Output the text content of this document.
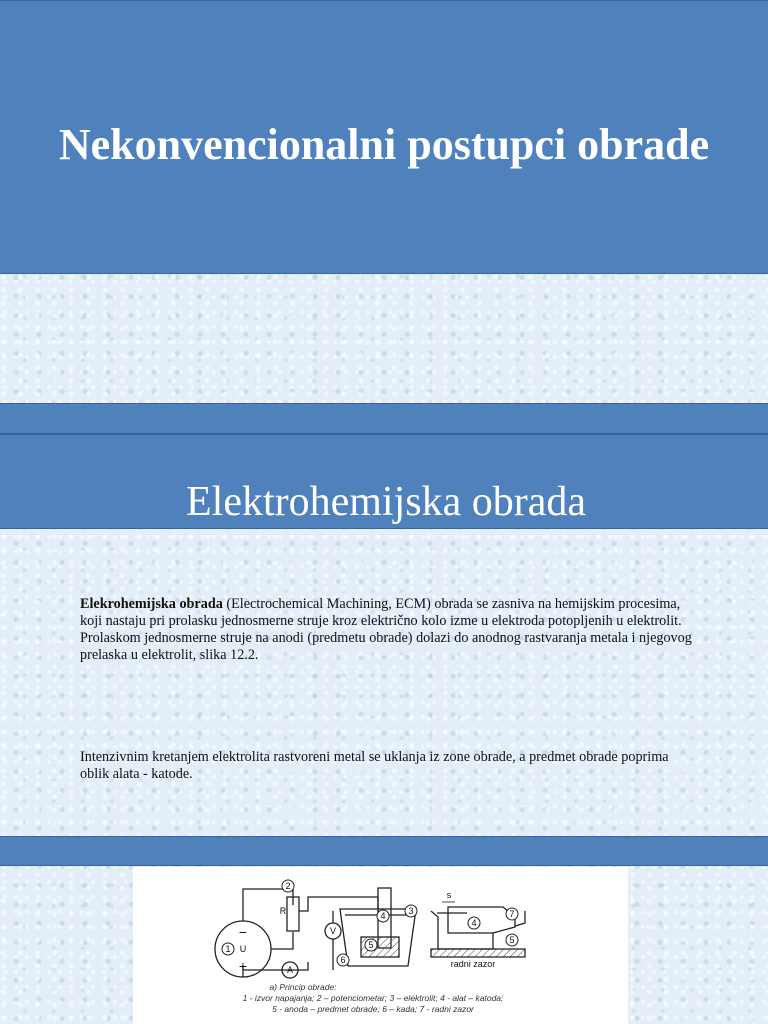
Nekonvencionalni postupci obrade
Elektrohemijska obrada
Elekrohemijska obrada (Electrochemical Machining, ECM) obrada se zasniva na hemijskim procesima, koji nastaju pri prolasku jednosmerne struje kroz električno kolo izme u elektroda potopljenih u elektrolit. Prolaskom jednosmerne struje na anodi (predmetu obrade) dolazi do anodnog rastvaranja metala i njegovog prelaska u elektrolit, slika 12.2.
Intenzivnim kretanjem elektrolita rastvoreni metal se uklanja iz zone obrade, a predmet obrade poprima oblik alata - katode.
2
1
4	3
5
6
4
7
5
R
V
A
U
−
+
s
radni zazor
a) Princip obrade:
1 - izvor napajanja; 2 – potenciometar; 3 – elektrolit; 4 - alat – katoda;
5 - anoda – predmet obrade; 6 – kada; 7 - radni zazor
